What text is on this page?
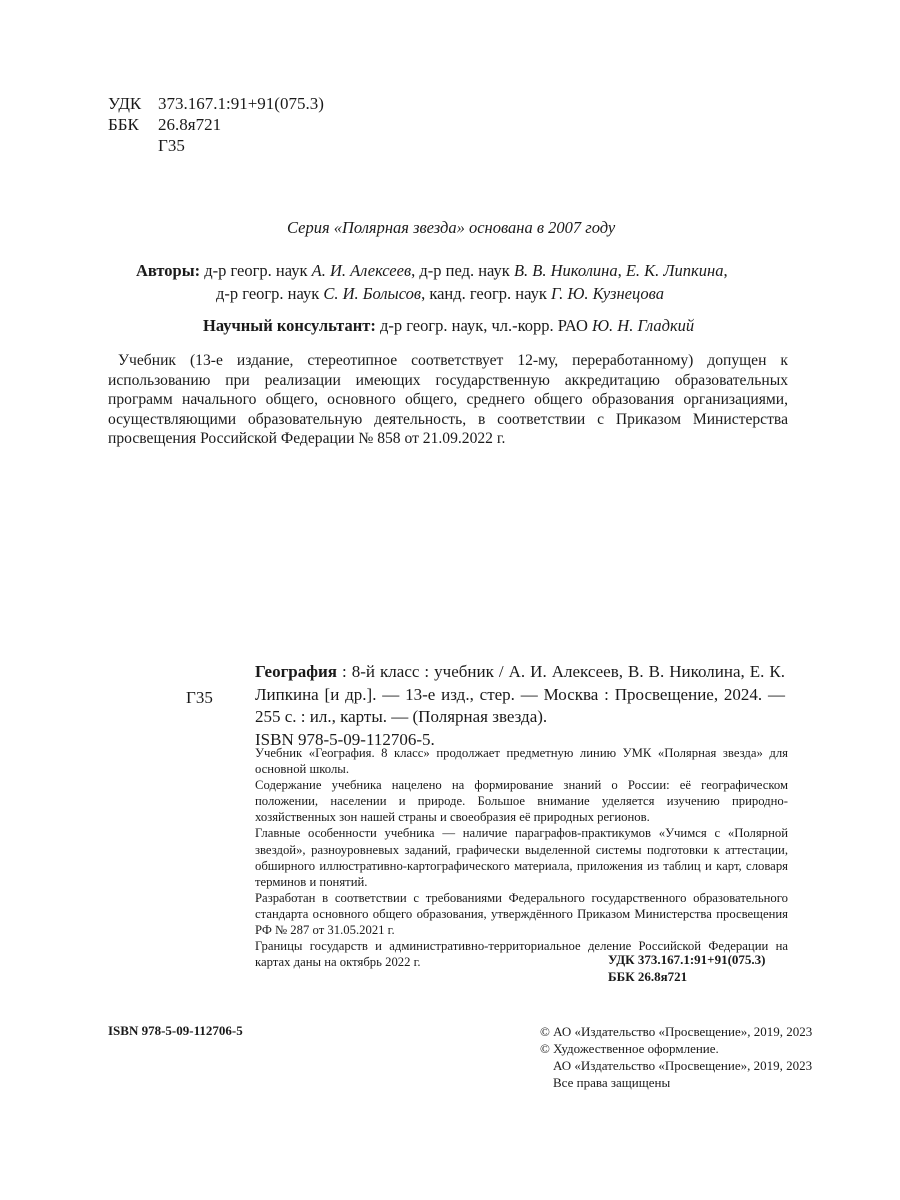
УДК 373.167.1:91+91(075.3)
ББК	26.8я721
Г35
Серия «Полярная звезда» основана в 2007 году
Авторы: д-р геогр. наук А. И. Алексеев, д-р пед. наук В. В. Николина, Е. К. Липкина,
д-р геогр. наук С. И. Болысов, канд. геогр. наук Г. Ю. Кузнецова
Научный консультант: д-р геогр. наук, чл.-корр. РАО Ю. Н. Гладкий
Учебник (13-е издание, стереотипное соответствует 12-му, переработанному) допущен к использованию при реализации имеющих государственную аккредитацию образовательных программ начального общего, основного общего, среднего общего образования организациями, осуществляющими образовательную деятельность, в соответствии с Приказом Министерства просвещения Российской Федерации № 858 от 21.09.2022 г.
Г35
География : 8-й класс : учебник / А. И. Алексеев, В. В. Николина, Е. К. Липкина [и др.]. — 13-е изд., стер. — Москва : Просвещение, 2024. — 255 с. : ил., карты. — (Полярная звезда).
ISBN 978-5-09-112706-5.

Учебник «География. 8 класс» продолжает предметную линию УМК «Полярная звезда» для основной школы.

Содержание учебника нацелено на формирование знаний о России: её географическом положении, населении и природе. Большое внимание уделяется изучению природно-хозяйственных зон нашей страны и своеобразия её природных регионов.

Главные особенности учебника — наличие параграфов-практикумов «Учимся с «Полярной звездой», разноуровневых заданий, графически выделенной системы подготовки к аттестации, обширного иллюстративно-картографического материала, приложения из таблиц и карт, словаря терминов и понятий.

Разработан в соответствии с требованиями Федерального государственного образовательного стандарта основного общего образования, утверждённого Приказом Министерства просвещения РФ № 287 от 31.05.2021 г.

Границы государств и административно-территориальное деление Российской Федерации на картах даны на октябрь 2022 г.	УДК 373.167.1:91+91(075.3)
ББК 26.8я721
ISBN 978-5-09-112706-5	© АО «Издательство «Просвещение», 2019, 2023
© Художественное оформление.
АО «Издательство «Просвещение», 2019, 2023
Все права защищены
